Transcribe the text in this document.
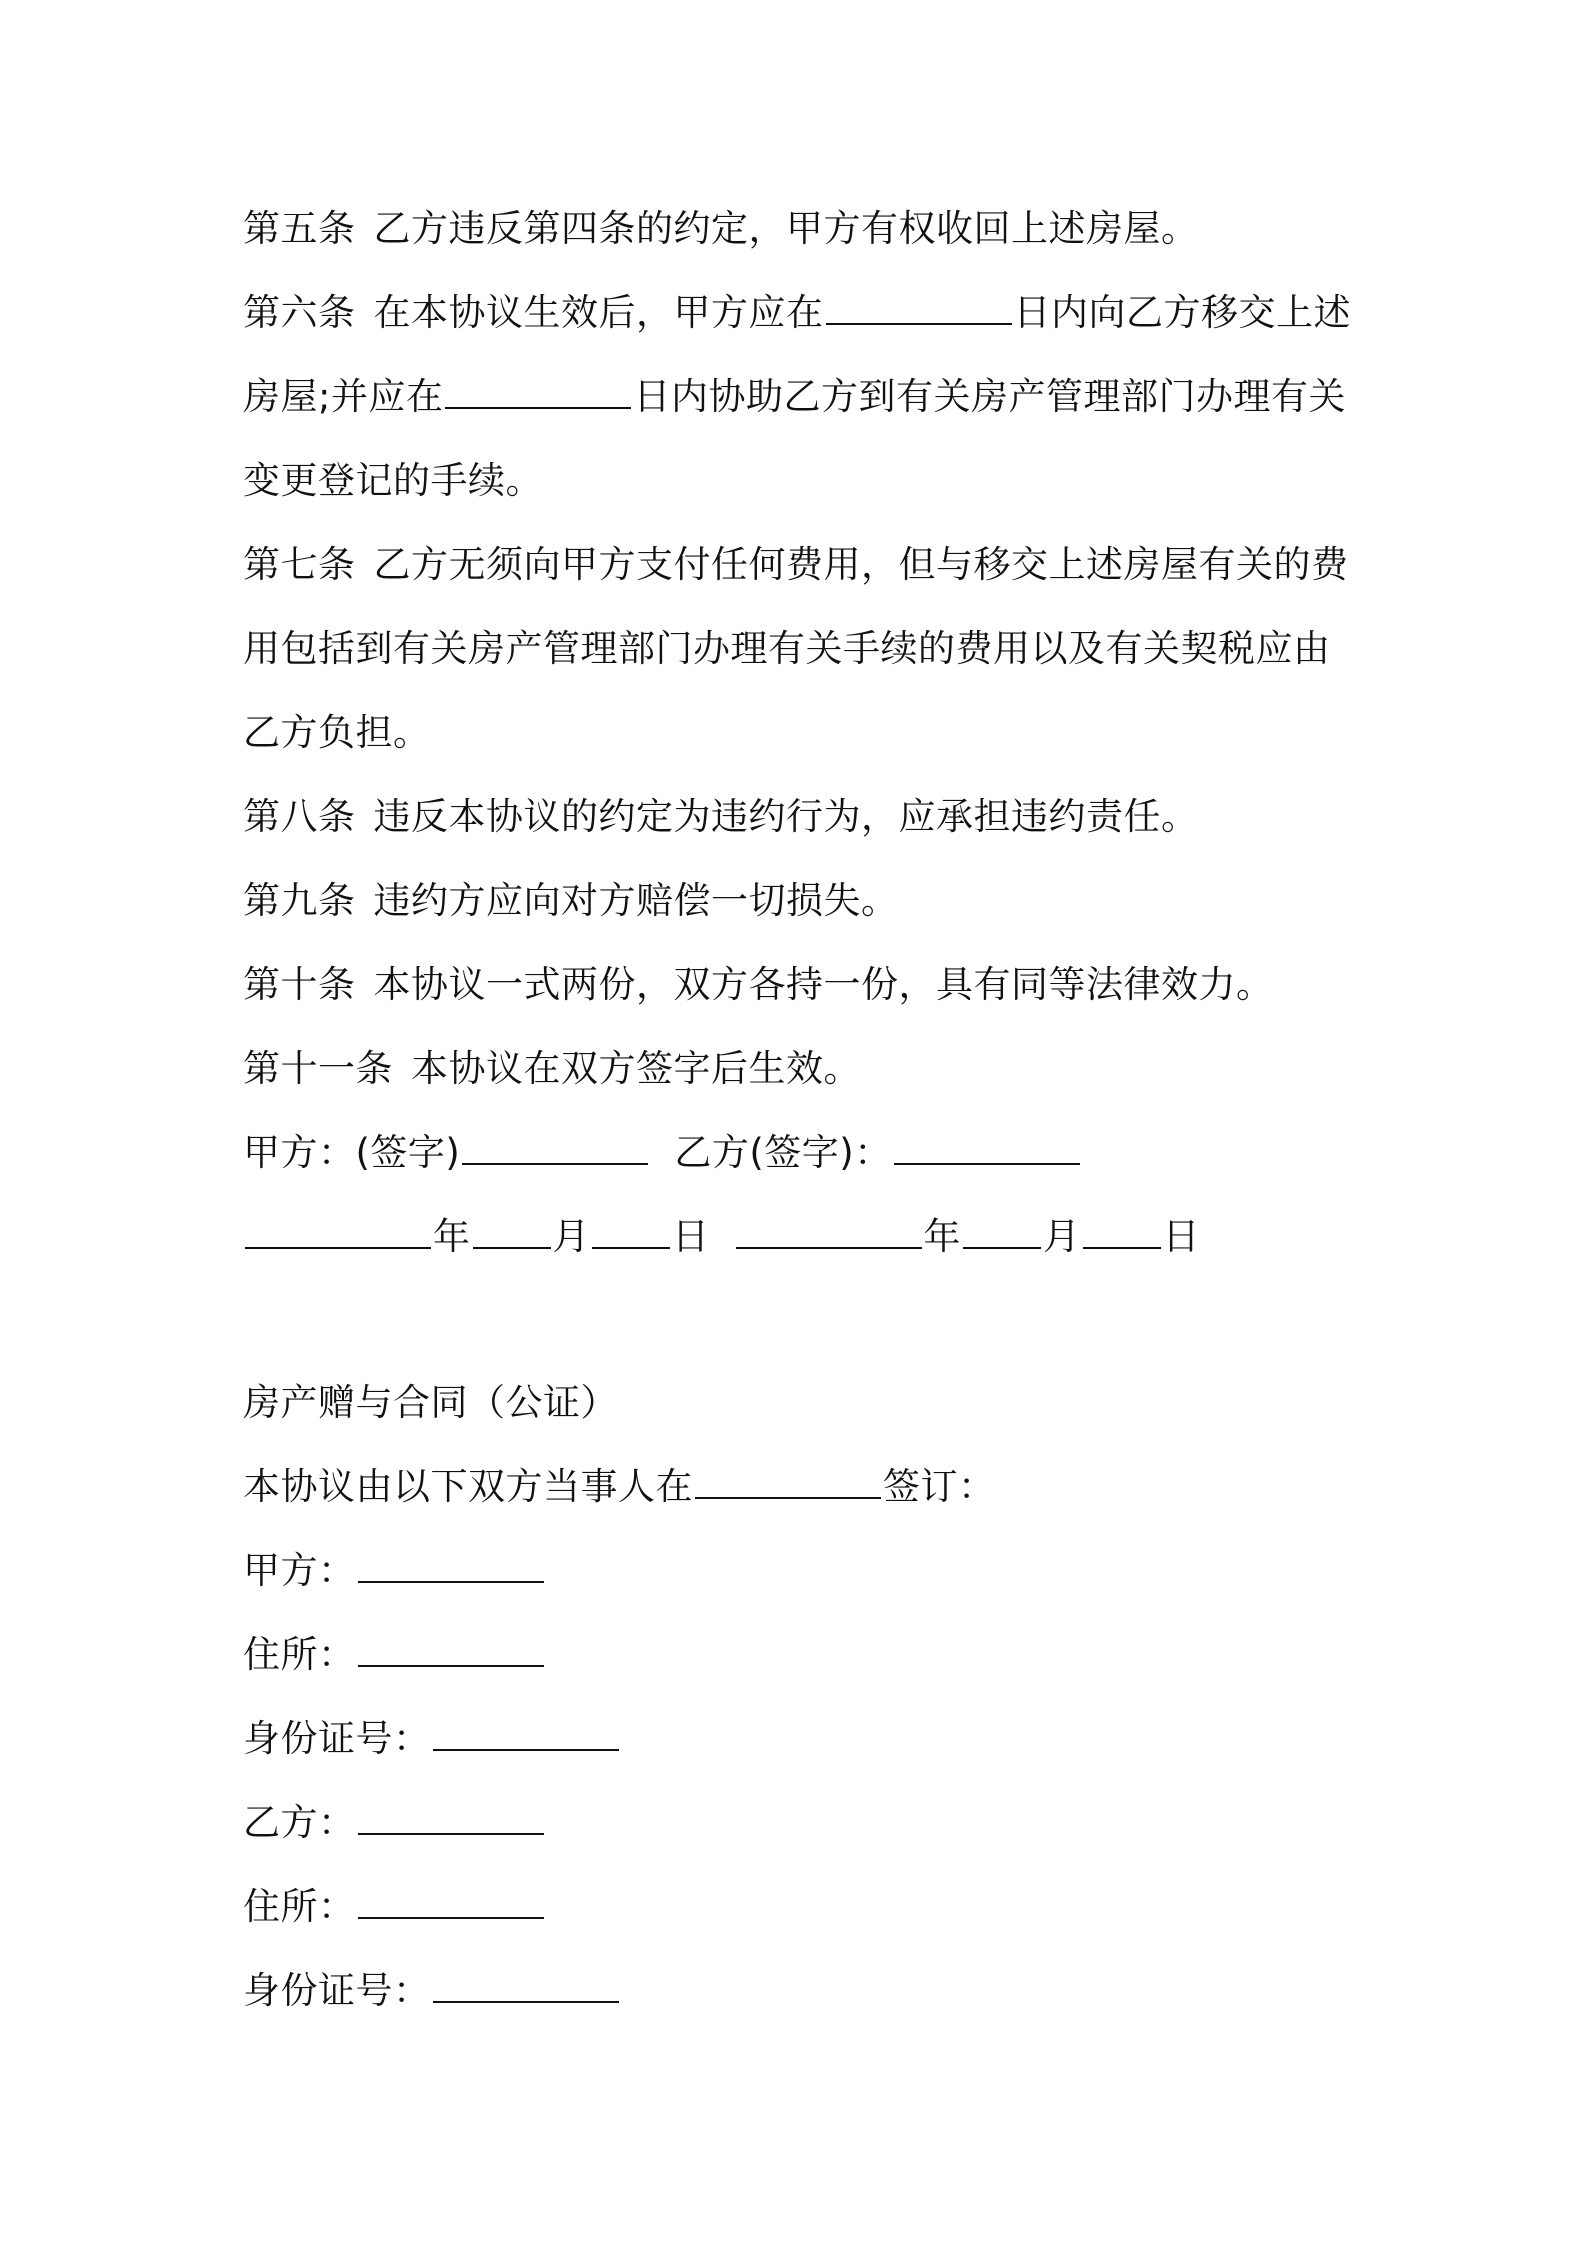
第五条 乙方违反第四条的约定，甲方有权收回上述房屋。
第六条 在本协议生效后，甲方应在	日内向乙方移交上述
房屋;并应在	日内协助乙方到有关房产管理部门办理有关
变更登记的手续。
第七条 乙方无须向甲方支付任何费用，但与移交上述房屋有关的费
用包括到有关房产管理部门办理有关手续的费用以及有关契税应由
乙方负担。
第八条 违反本协议的约定为违约行为，应承担违约责任。
第九条 违约方应向对方赔偿一切损失。
第十条 本协议一式两份，双方各持一份，具有同等法律效力。
第十一条 本协议在双方签字后生效。
甲方：(签字)	乙方(签字)：
年 月 日	年 月 日
房产赠与合同（公证）
本协议由以下双方当事人在	签订：
甲方：
住所：
身份证号：
乙方：
住所：
身份证号：
